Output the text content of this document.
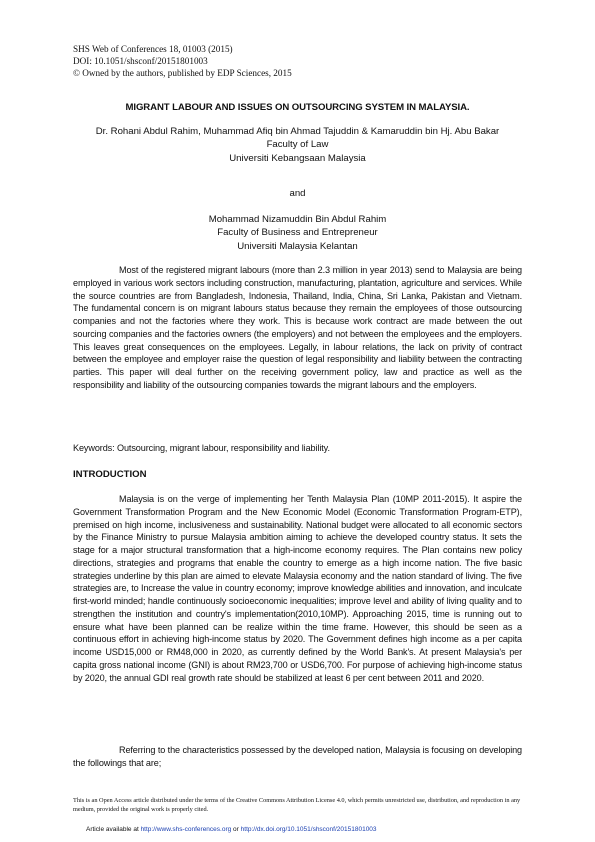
SHS Web of Conferences 18, 01003 (2015)
DOI: 10.1051/shsconf/20151801003
© Owned by the authors, published by EDP Sciences, 2015
MIGRANT LABOUR AND ISSUES ON OUTSOURCING SYSTEM IN MALAYSIA.
Dr. Rohani Abdul Rahim, Muhammad Afiq bin Ahmad Tajuddin & Kamaruddin bin Hj. Abu Bakar
Faculty of Law
Universiti Kebangsaan Malaysia
and
Mohammad Nizamuddin Bin Abdul Rahim
Faculty of Business and Entrepreneur
Universiti Malaysia Kelantan

Most of the registered migrant labours (more than 2.3 million in year 2013) send to Malaysia are being employed in various work sectors including construction, manufacturing, plantation, agriculture and services. While the source countries are from Bangladesh, Indonesia, Thailand, India, China, Sri Lanka, Pakistan and Vietnam. The fundamental concern is on migrant labours status because they remain the employees of those outsourcing companies and not the factories where they work. This is because work contract are made between the out sourcing companies and the factories owners (the employers) and not between the employees and the employers. This leaves great consequences on the employees. Legally, in labour relations, the lack on privity of contract between the employee and employer raise the question of legal responsibility and liability between the contracting parties. This paper will deal further on the receiving government policy, law and practice as well as the responsibility and liability of the outsourcing companies towards the migrant labours and the employers.

Keywords: Outsourcing, migrant labour, responsibility and liability.
INTRODUCTION

Malaysia is on the verge of implementing her Tenth Malaysia Plan (10MP 2011-2015). It aspire the Government Transformation Program and the New Economic Model (Economic Transformation Program-ETP), premised on high income, inclusiveness and sustainability. National budget were allocated to all economic sectors by the Finance Ministry to pursue Malaysia ambition aiming to achieve the developed country status. It sets the stage for a major structural transformation that a high-income economy requires. The Plan contains new policy directions, strategies and programs that enable the country to emerge as a high income nation. The five basic strategies underline by this plan are aimed to elevate Malaysia economy and the nation standard of living. The five strategies are, to Increase the value in country economy; improve knowledge abilities and innovation, and inculcate first-world minded; handle continuously socioeconomic inequalities; improve level and ability of living quality and to strengthen the institution and country's implementation(2010,10MP). Approaching 2015, time is running out to ensure what have been planned can be realize within the time frame. However, this should be seen as a continuous effort in achieving high-income status by 2020. The Government defines high income as a per capita income USD15,000 or RM48,000 in 2020, as currently defined by the World Bank's. At present Malaysia's per capita gross national income (GNI) is about RM23,700 or USD6,700. For purpose of achieving high-income status by 2020, the annual GDI real growth rate should be stabilized at least 6 per cent between 2011 and 2020.

Referring to the characteristics possessed by the developed nation, Malaysia is focusing on developing the followings that are;

This is an Open Access article distributed under the terms of the Creative Commons Attribution License 4.0, which permits unrestricted use, distribution, and reproduction in any medium, provided the original work is properly cited.
Article available at http://www.shs-conferences.org or http://dx.doi.org/10.1051/shsconf/20151801003
